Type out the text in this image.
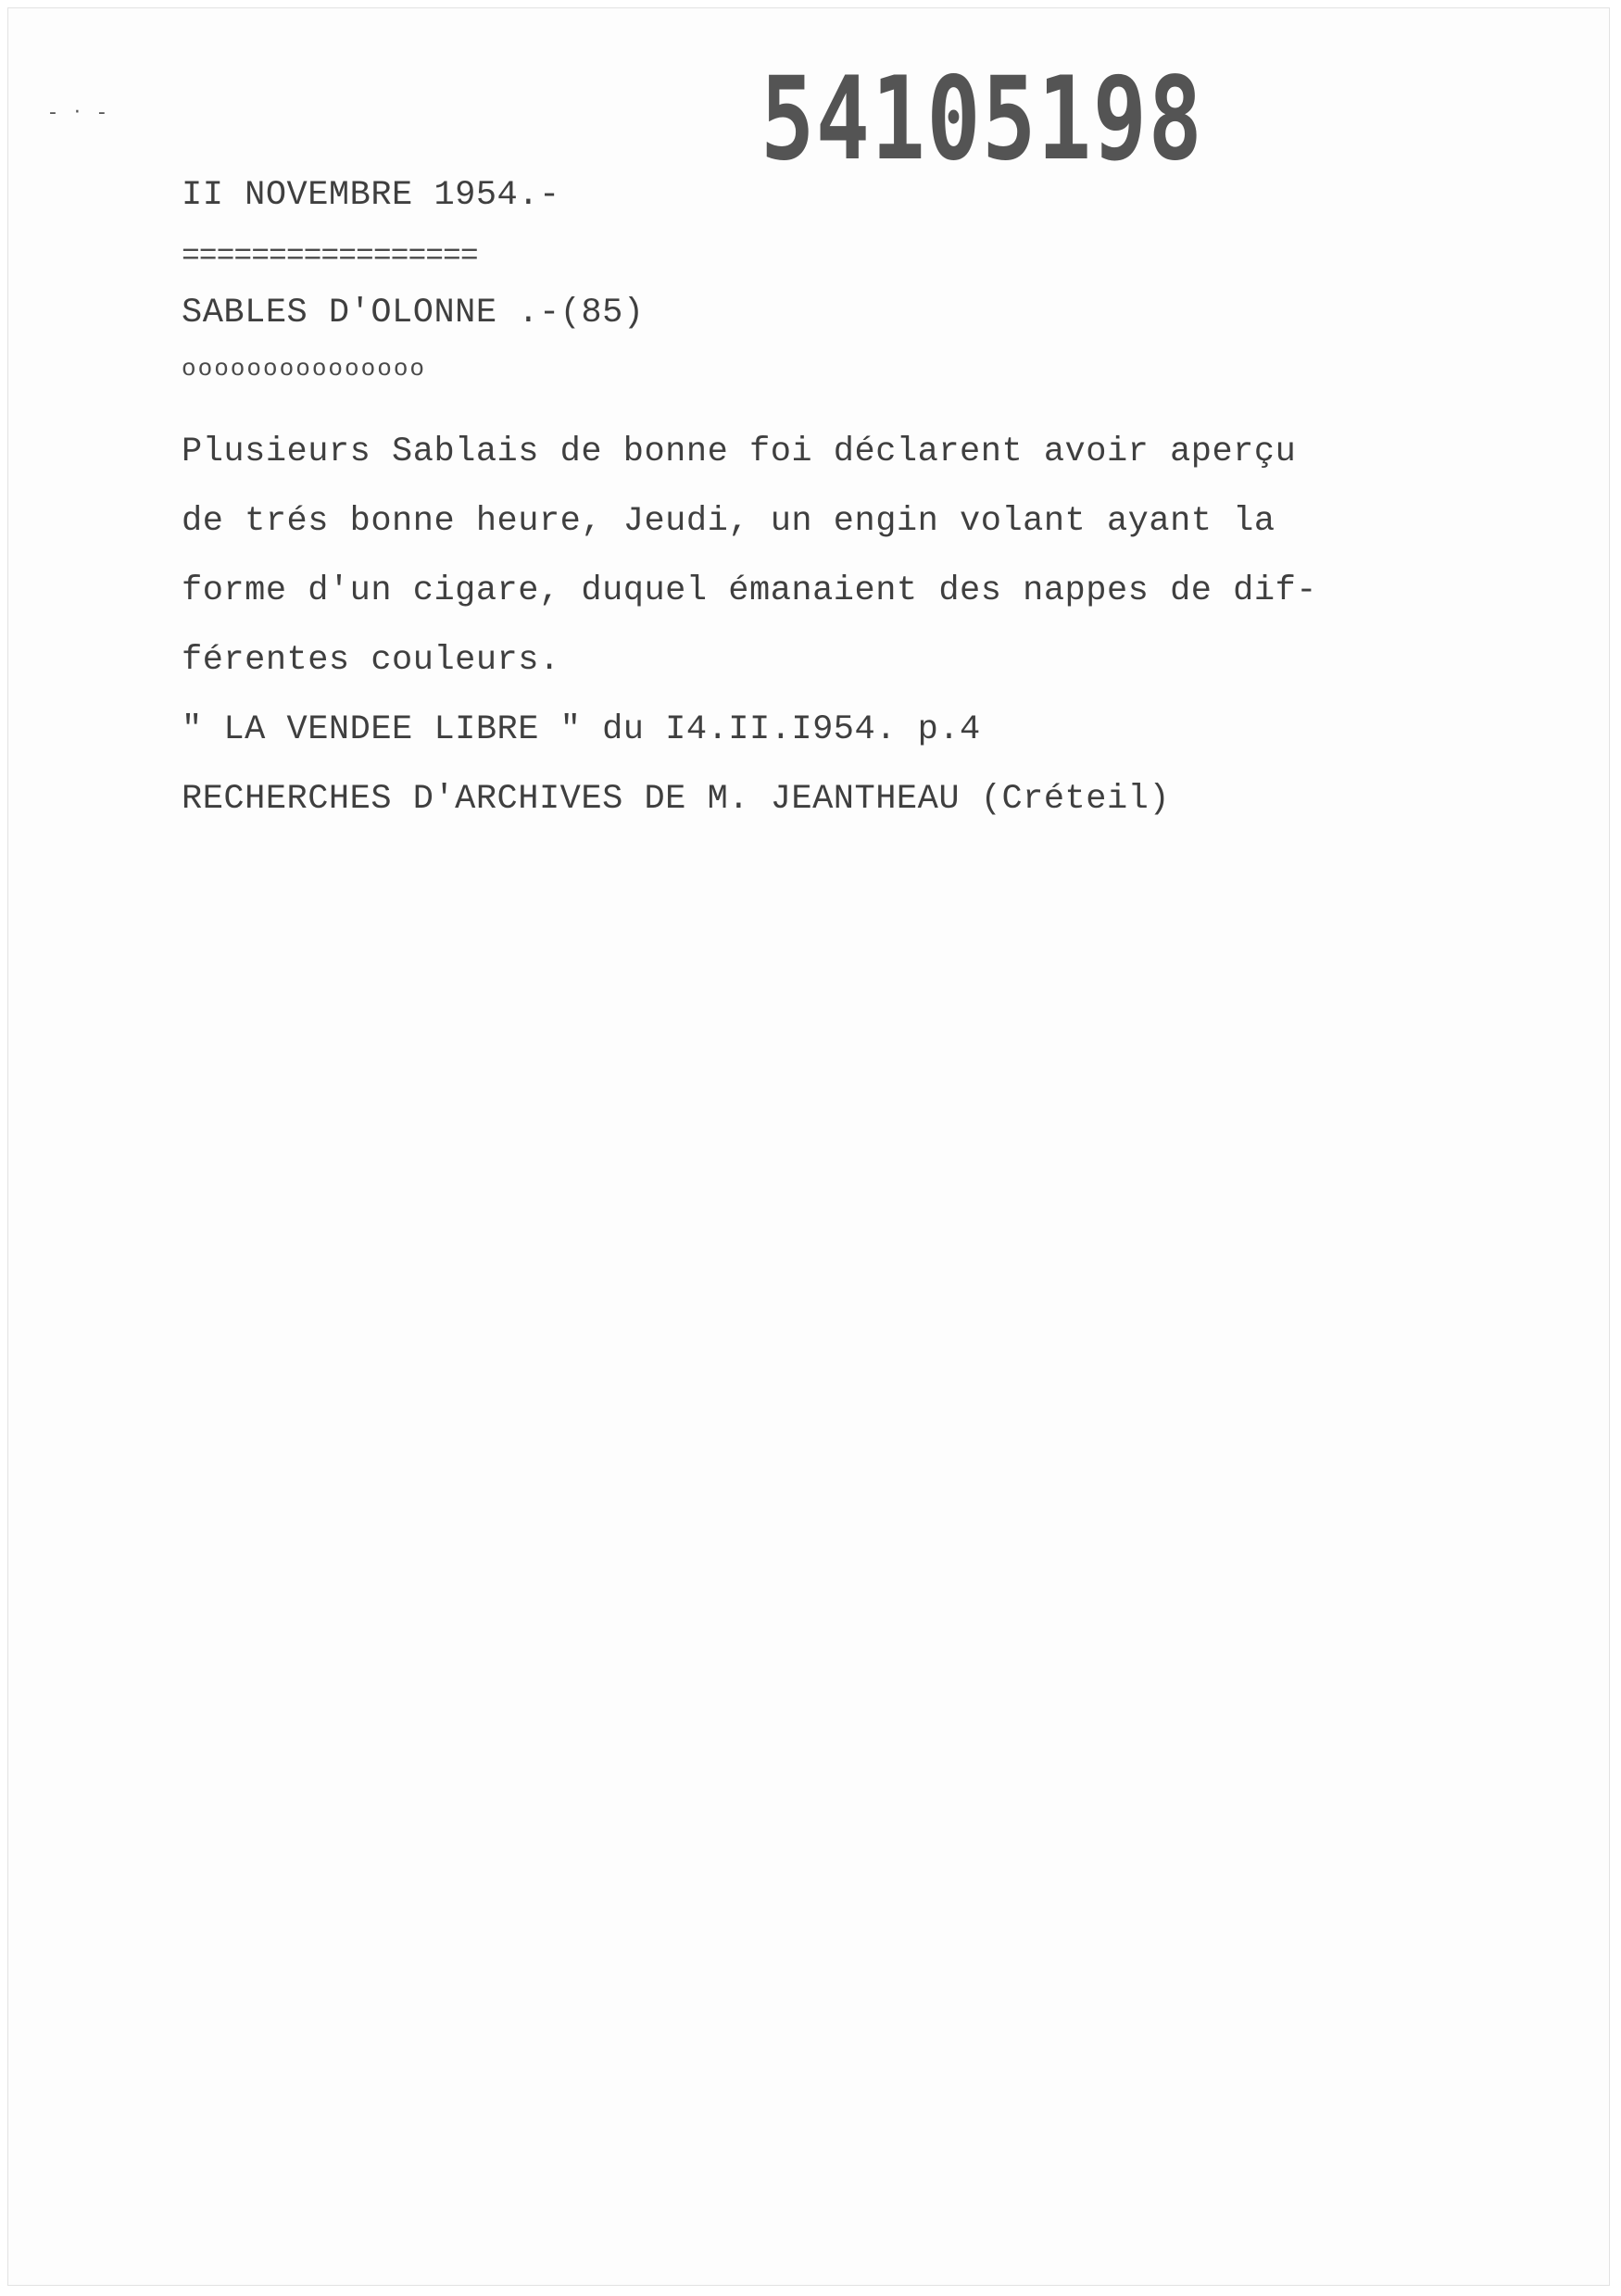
- · -	54105198
II NOVEMBRE 1954.-
=================
SABLES D'OLONNE .-(85)
ooooooooooooooo
Plusieurs Sablais de bonne foi déclarent avoir aperçu
de trés bonne heure, Jeudi, un engin volant ayant la
forme d'un cigare, duquel émanaient des nappes de dif-
férentes couleurs.
" LA VENDEE LIBRE " du I4.II.I954. p.4
RECHERCHES D'ARCHIVES DE M. JEANTHEAU (Créteil)
